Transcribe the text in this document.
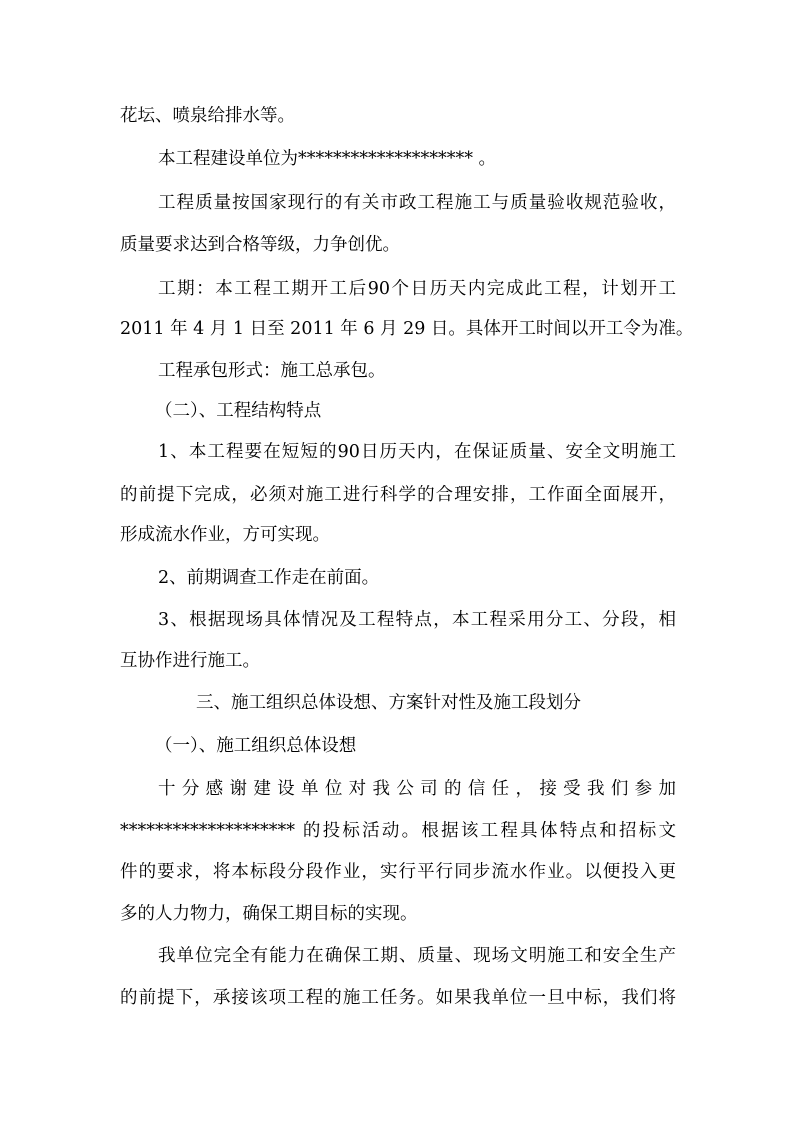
花坛、喷泉给排水等。
本工程建设单位为******************** 。
工程质量按国家现行的有关市政工程施工与质量验收规范验收，
质量要求达到合格等级，力争创优。
工期：本工程工期开工后90个日历天内完成此工程，计划开工
2011 年 4 月 1 日至 2011 年 6 月 29 日。具体开工时间以开工令为准。
工程承包形式：施工总承包。
（二）、工程结构特点
1、本工程要在短短的90日历天内，在保证质量、安全文明施工
的前提下完成，必须对施工进行科学的合理安排，工作面全面展开，
形成流水作业，方可实现。
2、前期调查工作走在前面。
3、根据现场具体情况及工程特点，本工程采用分工、分段，相
互协作进行施工。
三、施工组织总体设想、方案针对性及施工段划分
（一）、施工组织总体设想
十分感谢建设单位对我公司的信任，接受我们参加
******************** 的投标活动。根据该工程具体特点和招标文
件的要求，将本标段分段作业，实行平行同步流水作业。以便投入更
多的人力物力，确保工期目标的实现。
我单位完全有能力在确保工期、质量、现场文明施工和安全生产
的前提下，承接该项工程的施工任务。如果我单位一旦中标，我们将
